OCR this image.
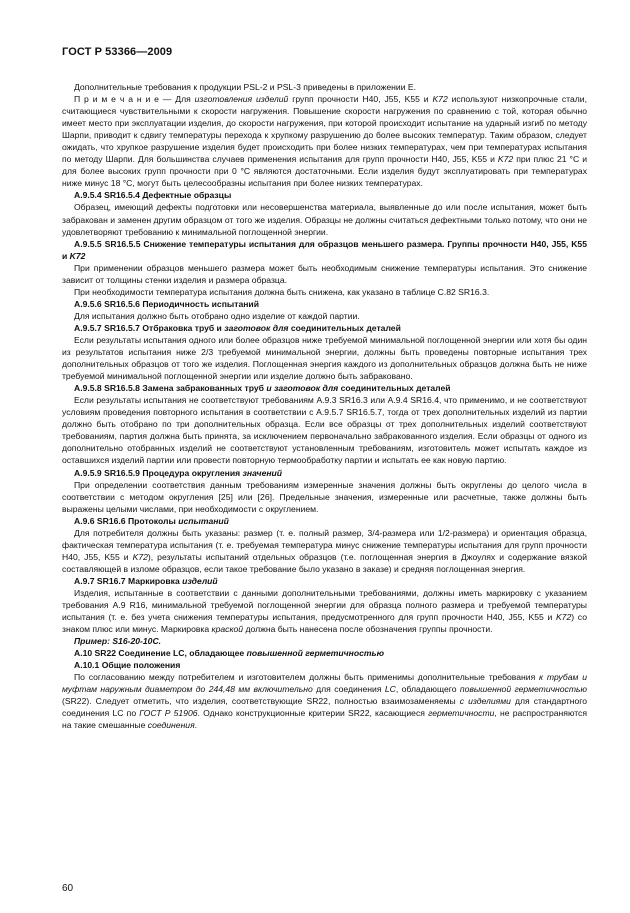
ГОСТ Р 53366—2009

Дополнительные требования к продукции PSL-2 и PSL-3 приведены в приложении E.

П р и м е ч а н и е — Для изготовления изделий групп прочности H40, J55, K55 и K72 используют низкопрочные стали, считающиеся чувствительными к скорости нагружения. Повышение скорости нагружения по сравнению с той, которая обычно имеет место при эксплуатации изделия, до скорости нагружения, при которой происходит испытание на ударный изгиб по методу Шарпи, приводит к сдвигу температуры перехода к хрупкому разрушению до более высоких температур. Таким образом, следует ожидать, что хрупкое разрушение изделия будет происходить при более низких температурах, чем при температурах испытания по методу Шарпи. Для большинства случаев применения испытания для групп прочности H40, J55, K55 и K72 при плюс 21 °С и для более высоких групп прочности при 0 °С являются достаточными. Если изделия будут эксплуатировать при температурах ниже минус 18 °С, могут быть целесообразны испытания при более низких температурах.

A.9.5.4 SR16.5.4 Дефектные образцы

Образец, имеющий дефекты подготовки или несовершенства материала, выявленные до или после испытания, может быть забракован и заменен другим образцом от того же изделия. Образцы не должны считаться дефектными только потому, что они не удовлетворяют требованию к минимальной поглощенной энергии.

A.9.5.5 SR16.5.5 Снижение температуры испытания для образцов меньшего размера. Группы прочности H40, J55, K55 и K72

При применении образцов меньшего размера может быть необходимым снижение температуры испытания. Это снижение зависит от толщины стенки изделия и размера образца.

При необходимости температура испытания должна быть снижена, как указано в таблице С.82 SR16.3.

A.9.5.6 SR16.5.6 Периодичность испытаний

Для испытания должно быть отобрано одно изделие от каждой партии.

A.9.5.7 SR16.5.7 Отбраковка труб и заготовок для соединительных деталей

Если результаты испытания одного или более образцов ниже требуемой минимальной поглощенной энергии или хотя бы один из результатов испытания ниже 2/3 требуемой минимальной энергии, должны быть проведены повторные испытания трех дополнительных образцов от того же изделия. Поглощенная энергия каждого из дополнительных образцов должна быть не ниже требуемой минимальной поглощенной энергии или изделие должно быть забраковано.

A.9.5.8 SR16.5.8 Замена забракованных труб и заготовок для соединительных деталей

Если результаты испытания не соответствуют требованиям А.9.3 SR16.3 или А.9.4 SR16.4, что применимо, и не соответствуют условиям проведения повторного испытания в соответствии с А.9.5.7 SR16.5.7, тогда от трех дополнительных изделий из партии должно быть отобрано по три дополнительных образца. Если все образцы от трех дополнительных изделий соответствуют требованиям, партия должна быть принята, за исключением первоначально забракованного изделия. Если образцы от одного из дополнительно отобранных изделий не соответствуют установленным требованиям, изготовитель может испытать каждое из оставшихся изделий партии или провести повторную термообработку партии и испытать ее как новую партию.

A.9.5.9 SR16.5.9 Процедура округления значений

При определении соответствия данным требованиям измеренные значения должны быть округлены до целого числа в соответствии с методом округления [25] или [26]. Предельные значения, измеренные или расчетные, также должны быть выражены целыми числами, при необходимости с округлением.

A.9.6 SR16.6 Протоколы испытаний

Для потребителя должны быть указаны: размер (т. е. полный размер, 3/4-размера или 1/2-размера) и ориентация образца, фактическая температура испытания (т. е. требуемая температура минус снижение температуры испытания для групп прочности H40, J55, K55 и K72), результаты испытаний отдельных образцов (т.е. поглощенная энергия в Джоулях и содержание вязкой составляющей в изломе образцов, если такое требование было указано в заказе) и средняя поглощенная энергия.

A.9.7 SR16.7 Маркировка изделий

Изделия, испытанные в соответствии с данными дополнительными требованиями, должны иметь маркировку с указанием требования А.9 R16, минимальной требуемой поглощенной энергии для образца полного размера и требуемой температуры испытания (т. е. без учета снижения температуры испытания, предусмотренного для групп прочности H40, J55, K55 и K72) со знаком плюс или минус. Маркировка краской должна быть нанесена после обозначения группы прочности.

Пример: S16-20-10C.

A.10 SR22 Соединение LC, обладающее повышенной герметичностью

A.10.1 Общие положения

По согласованию между потребителем и изготовителем должны быть применимы дополнительные требования к трубам и муфтам наружным диаметром до 244,48 мм включительно для соединения LC, обладающего повышенной герметичностью (SR22). Следует отметить, что изделия, соответствующие SR22, полностью взаимозаменяемы с изделиями для стандартного соединения LC по ГОСТ Р 51906. Однако конструкционные критерии SR22, касающиеся герметичности, не распространяются на такие смешанные соединения.

60
